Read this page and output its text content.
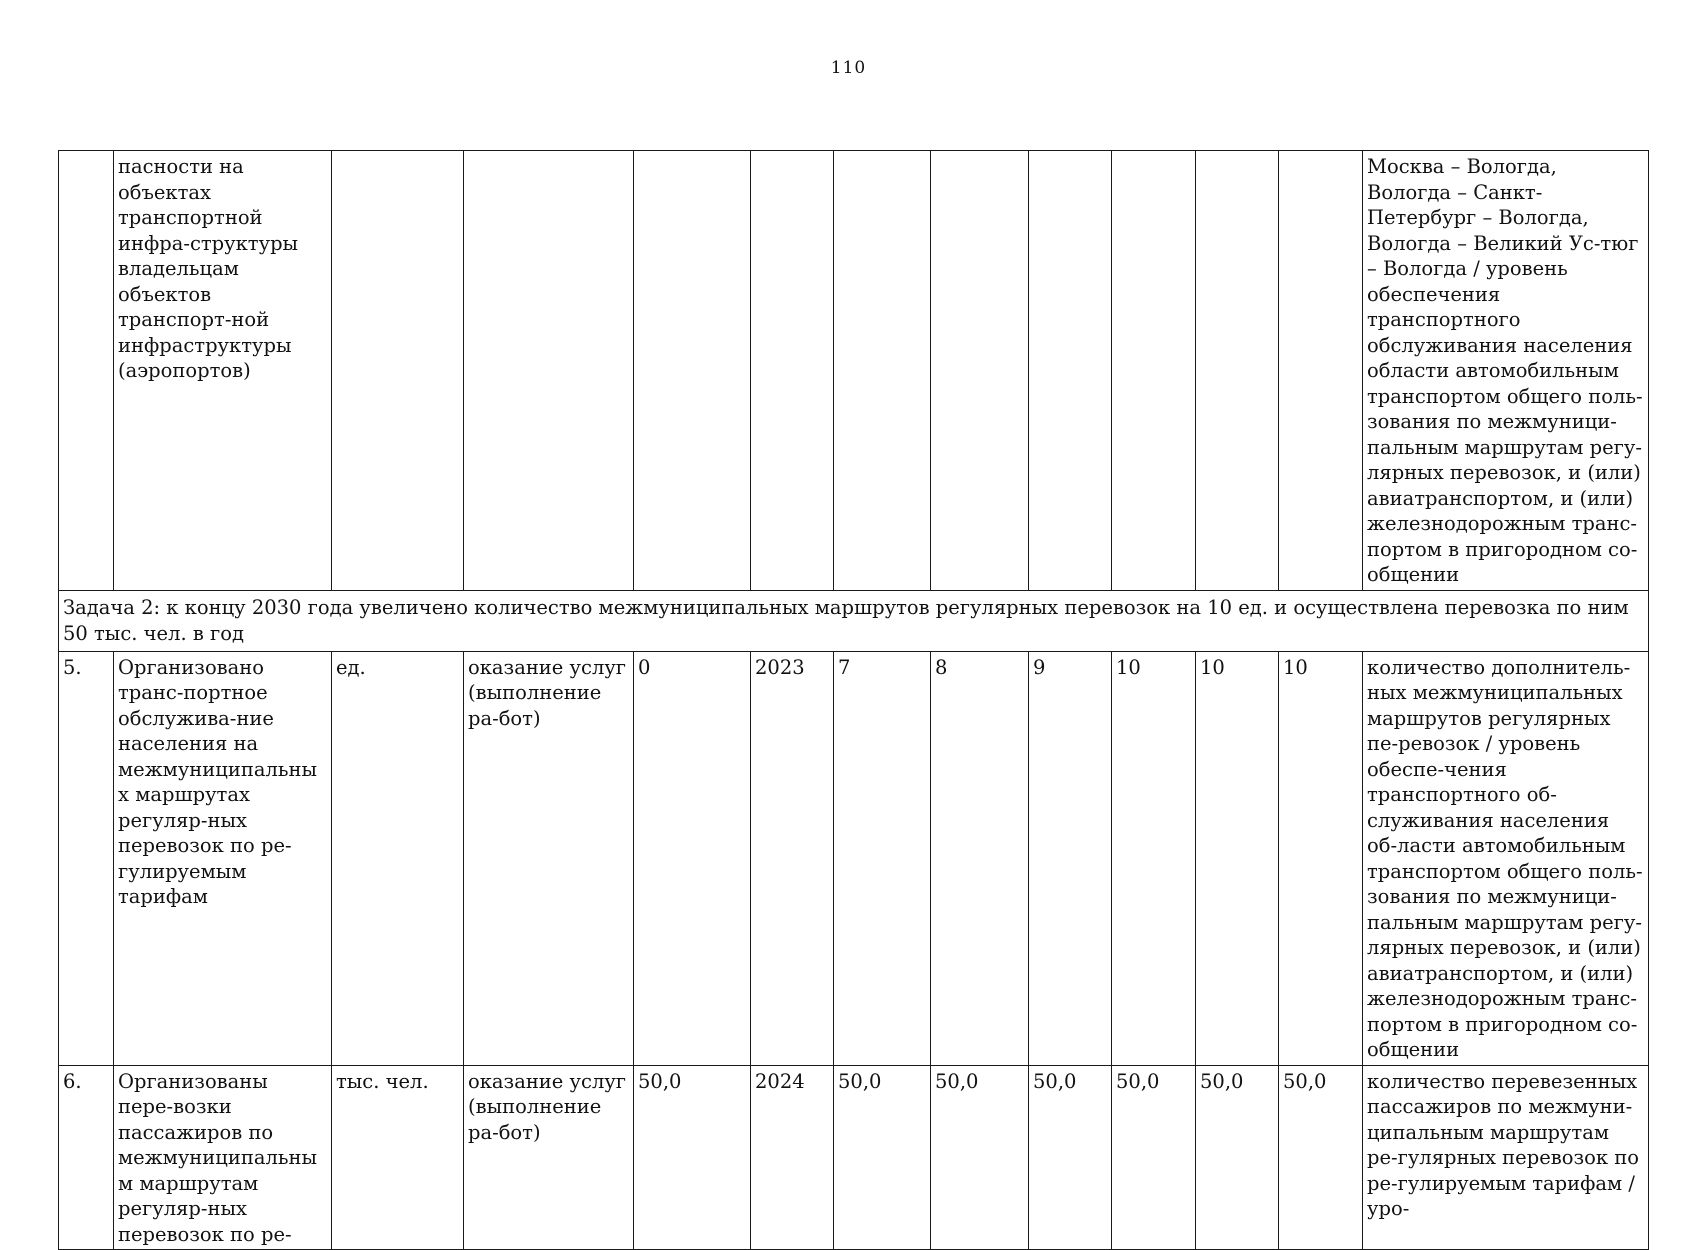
110

	пасности на объектах транспортной инфра-структуры владельцам объектов транспорт-ной инфраструктуры (аэропортов)											Москва – Вологда, Вологда – Санкт-Петербург – Вологда, Вологда – Великий Ус-тюг – Вологда / уровень обеспечения транспортного обслуживания населения области автомобильным транспортом общего поль-зования по межмуници-пальным маршрутам регу-лярных перевозок, и (или) авиатранспортом, и (или) железнодорожным транс-портом в пригородном со-общении

Задача 2: к концу 2030 года увеличено количество межмуниципальных маршрутов регулярных перевозок на 10 ед. и осуществлена перевозка по ним 50 тыс. чел. в год												
5.	Организовано транс-портное обслужива-ние населения на межмуниципальных маршрутах регуляр-ных перевозок по ре-гулируемым тарифам	ед.	оказание услуг (выполнение ра-бот)	0	2023	7	8	9	10	10	10	количество дополнитель-ных межмуниципальных маршрутов регулярных пе-ревозок / уровень обеспе-чения транспортного об-служивания населения об-ласти автомобильным транспортом общего поль-зования по межмуници-пальным маршрутам регу-лярных перевозок, и (или) авиатранспортом, и (или) железнодорожным транс-портом в пригородном со-общении
6.	Организованы пере-возки пассажиров по межмуниципальным маршрутам регуляр-ных перевозок по ре-	тыс. чел.	оказание услуг (выполнение ра-бот)	50,0	2024	50,0	50,0	50,0	50,0	50,0	50,0	количество перевезенных пассажиров по межмуни-ципальным маршрутам ре-гулярных перевозок по ре-гулируемым тарифам / уро-
